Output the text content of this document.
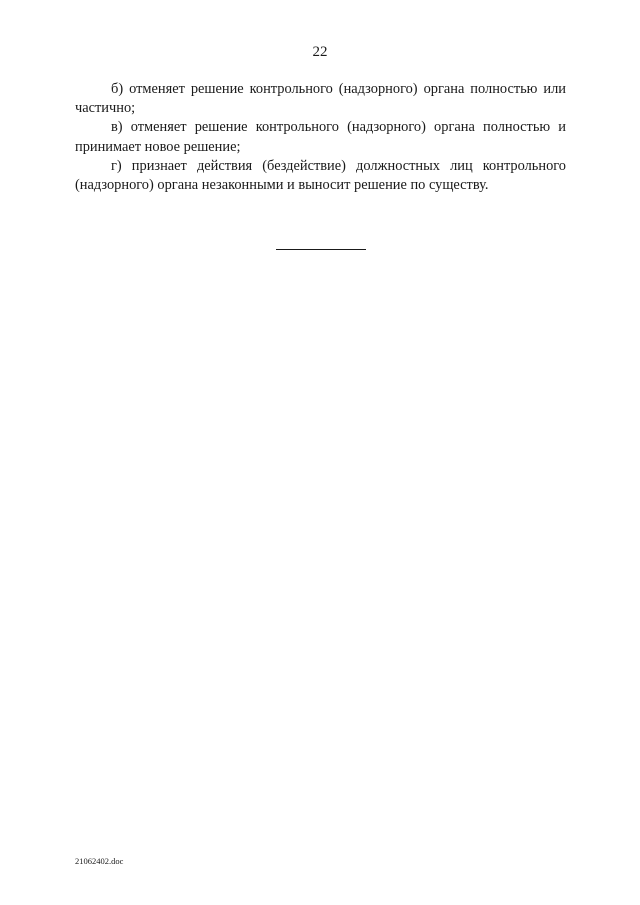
22

б) отменяет решение контрольного (надзорного) органа полностью или частично;

в) отменяет решение контрольного (надзорного) органа полностью и принимает новое решение;

г) признает действия (бездействие) должностных лиц контрольного (надзорного) органа незаконными и выносит решение по существу.

21062402.doc
